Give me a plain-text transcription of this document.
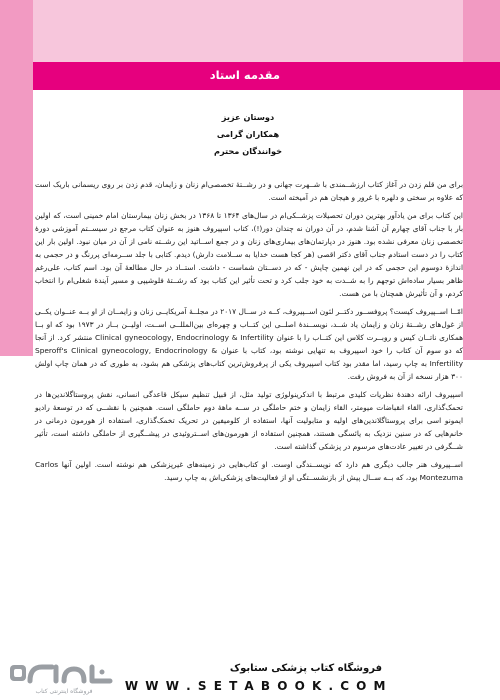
مقدمه استاد
دوستان عزیز
همکاران گرامی
خوانندگان محترم

برای من قلم زدن در آغاز کتاب ارزشــمندی با شــهرت جهانی و در رشــتهٔ تخصصی‌ام زنان و زایمان، قدم زدن بر روی ریسمانی باریک است که علاوه بر سختی و دلهره با غرور و هیجان هم در آمیخته است.

این کتاب برای من یادآور بهترین دوران تحصیلات پزشــکی‌ام در سال‌های ۱۳۶۴ تا ۱۳۶۸ در بخش زنان بیمارستان امام خمینی است، که اولین بار با جناب آقای چهارم آن آشنا شدم، در آن دوران نه چندان دور(!)، کتاب اسپیروف هنوز به عنوان کتاب مرجع در سیســتم آموزشی دورهٔ تخصصی زنان معرفی نشده بود. هنوز در دپارتمان‌های بیماری‌های زنان و در جمع اســاتید این رشــته نامی از آن در میان نبود. اولین بار این کتاب را در دست استادم جناب آقای دکتر اقصی (هر کجا هست خدایا به ســلامت دارش) دیدم. کتابی با جلد ســرمه‌ای پررنگ و در حجمی به اندازهٔ دوسوم این حجمی که در این نهمین چاپش - که در دســتان شماست - داشت. استــاد در حال مطالعهٔ آن بود. اسم کتاب، علی‌رغم ظاهر بسیار ساده‌اش توجهم را به شــدت به خود جلب کرد و تحت تأثیر این کتاب بود که رشــتهٔ فلوشیپی و مسیر آیندهٔ شغلی‌ام را انتخاب کردم، و آن تأثیرش همچنان با من هست.

امّــا اســپیروف کیست؟ پروفســور دکتــر لئون اســپیروف، کــه در ســال ۲۰۱۷ در مجلــهٔ آمریکایــی زنان و زایمــان از او بــه عنــوان یکــی از غول‌های رشــتهٔ زنان و زایمان یاد شــد، نویســندهٔ اصلــی این کتــاب و چهره‌ای بین‌المللــی اســت، اولیــن بــار در ۱۹۷۳ بود که او بــا همکاری ناتــان کیس و روبــرت کلاس این کتــاب را با عنوان Clinical gyneocology, Endocrinology & Infertility منتشر کرد. از آنجا که دو سوم آن کتاب را خود اسپیروف به تنهایی نوشته بود، کتاب با عنوان Speroff's Clinical gyneocology, Endocrinology & Infertility به چاپ رسید، اما مقدر بود کتاب اسپیروف یکی از پرفروش‌ترین کتاب‌های پزشکی هم بشود، به طوری که در همان چاپ اولش ۳۰۰ هزار نسخه از آن به فروش رفت.

اسپیروف ارائه دهندهٔ نظریات کلیدی مرتبط با اندکرینولوژی تولید مثل، از قبیل تنظیم سیکل قاعدگی انسانی، نقش پروستاگلاندین‌ها در تحمک‌گذاری، القاء انقباضات میومتر، القاء زایمان و ختم حاملگی در ســه ماههٔ دوم حاملگی است. همچنین با نقشــی که در توسعهٔ رادیو ایمونو اسی برای پروستاگلاندین‌های اولیه و متابولیت آنها، استفاده از کلومیفین در تحریک تخمک‌گذاری، استفاده از هورمون درمانی در خانم‌هایی که در سنین نزدیک به یائسگی هستند، همچنین استفاده از هورمون‌های اســتروئیدی در پیشــگیری از حاملگی داشته است، تأثیر شــگرفی در تغییر عادت‌های مرسوم در پزشکی گذاشته است.

اســپیروف هنر جالب دیگری هم دارد که نویســندگی اوست. او کتاب‌هایی در زمینه‌های غیرپزشکی هم نوشته است. اولین آنها Carlos Montezuma بود، که بــه ســال پیش از بازنشســتگی او از فعالیت‌های پزشکی‌اش به چاپ رسید.

فروشگاه اینترنتی کتاب
فروشگاه کتاب پزشکی ستابوک
W W W . S E T A B O O K . C O M
